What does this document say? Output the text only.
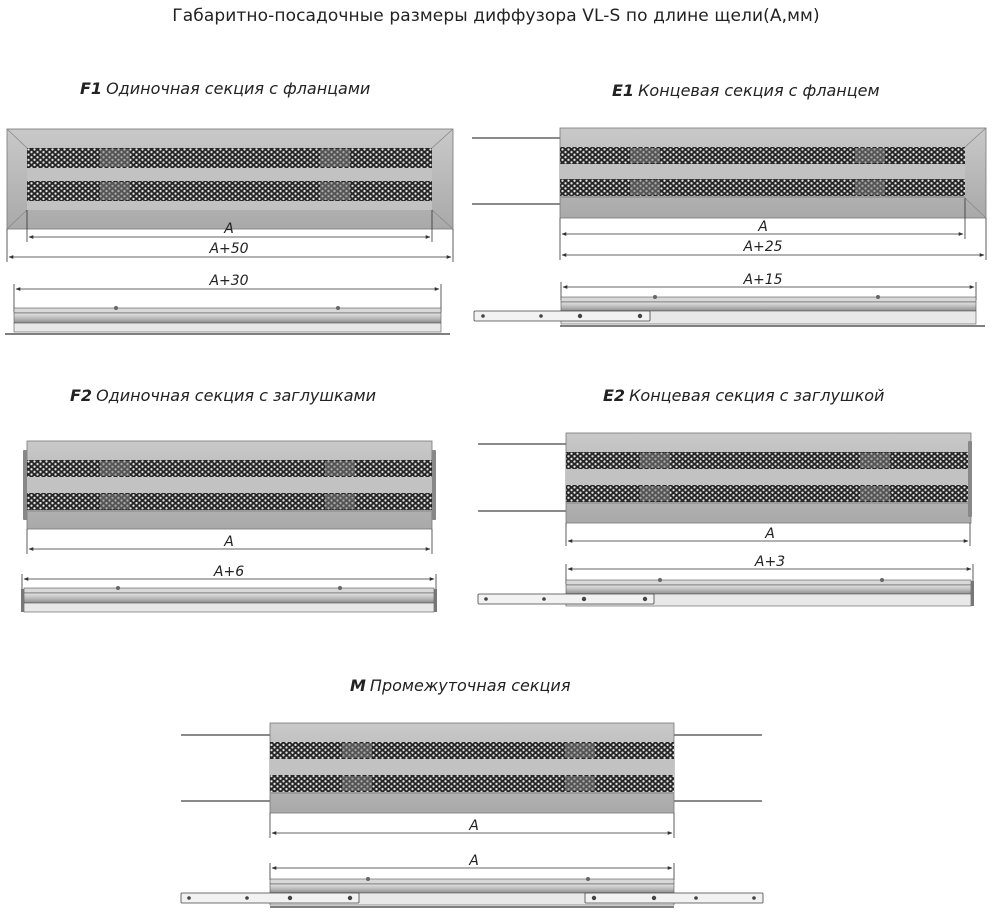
Габаритно-посадочные размеры диффузора VL-S по длине щели(А,мм)
F1 Одиночная секция с фланцами	E1 Концевая секция с фланцем
F2 Одиночная секция с заглушками	E2 Концевая секция с заглушкой
M Промежуточная секция
A
A+50
A+30
A
A+25
A+15
A
A+6
A
A+3
A
A
